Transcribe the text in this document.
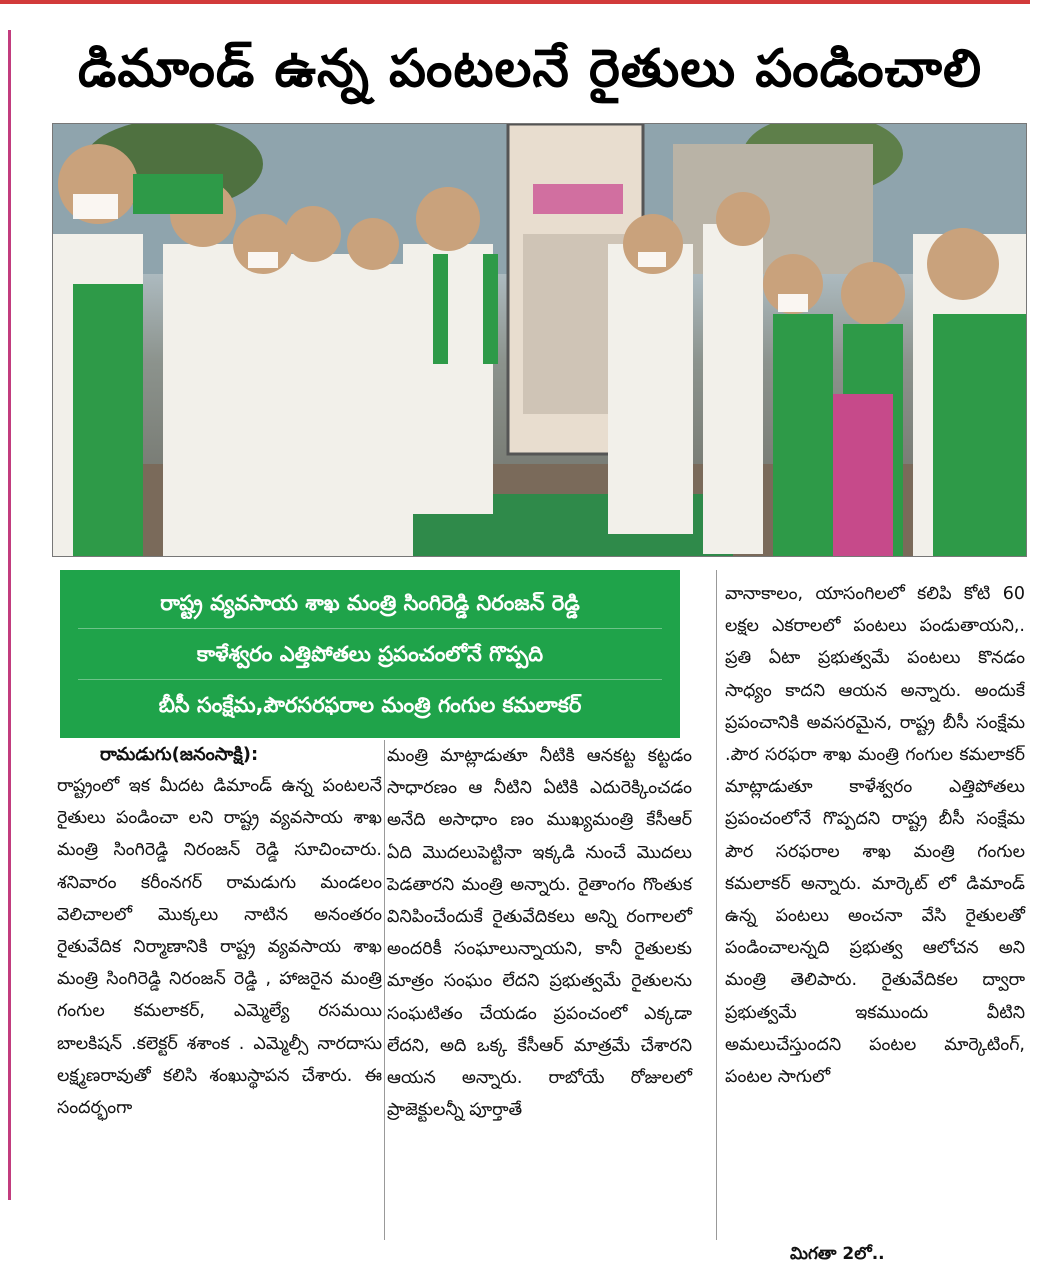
డిమాండ్‌ ఉన్న పంటలనే రైతులు పండించాలి
రాష్ట్ర వ్యవసాయ శాఖ మంత్రి సింగిరెడ్డి నిరంజన్‌ రెడ్డి
కాళేశ్వరం ఎత్తిపోతలు ప్రపంచంలోనే గొప్పది
బీసీ సంక్షేమ,పౌరసరఫరాల మంత్రి గంగుల కమలాకర్‌
రామడుగు(జనంసాక్షి):

రాష్ట్రంలో ఇక మీదట డిమాండ్‌ ఉన్న పంటలనే రైతులు పండించా లని రాష్ట్ర వ్యవసాయ శాఖ మంత్రి సింగిరెడ్డి నిరంజన్‌ రెడ్డి సూచించారు. శనివారం కరీంనగర్‌ రామడుగు మండలం వెలిచాలలో మొక్కలు నాటిన అనంతరం రైతువేదిక నిర్మాణానికి రాష్ట్ర వ్యవసాయ శాఖ మంత్రి సింగిరెడ్డి నిరంజన్‌ రెడ్డి , హాజరైన మంత్రి గంగుల కమలాకర్‌, ఎమ్మెల్యే రసమయి బాలకిషన్‌ .కలెక్టర్‌ శశాంక . ఎమ్మెల్సీ నారదాసు లక్ష్మణరావుతో కలిసి శంఖుస్థాపన చేశారు. ఈ సందర్భంగా

మంత్రి మాట్లాడుతూ నీటికి ఆనకట్ట కట్టడం సాధారణం ఆ నీటిని ఏటికి ఎదురెక్కించడం అనేది అసాధాం ణం ముఖ్యమంత్రి కేసీఆర్‌ ఏది మొదలుపెట్టినా ఇక్కడి నుంచే మొదలు పెడతారని మంత్రి అన్నారు. రైతాంగం గొంతుక వినిపించేందుకే రైతువేదికలు అన్ని రంగాలలో అందరికీ సంఘాలున్నాయని, కానీ రైతులకు మాత్రం సంఘం లేదని ప్రభుత్వమే రైతులను సంఘటితం చేయడం ప్రపంచంలో ఎక్కడా లేదని, అది ఒక్క కేసీఆర్‌ మాత్రమే చేశారని ఆయన అన్నారు. రాబోయే రోజులలో ప్రాజెక్టులన్నీ పూర్తాతే

వానాకాలం, యాసంగిలలో కలిపి కోటి 60 లక్షల ఎకరాలలో పంటలు పండుతాయని,. ప్రతి ఏటా ప్రభుత్వమే పంటలు కొనడం సాధ్యం కాదని ఆయన అన్నారు. అందుకే ప్రపంచానికి అవసరమైన, రాష్ట్ర బీసీ సంక్షేమ .పౌర సరఫరా శాఖ మంత్రి గంగుల కమలాకర్‌ మాట్లాడుతూ కాళేశ్వరం ఎత్తిపోతలు ప్రపంచంలోనే గొప్పదని రాష్ట్ర బీసీ సంక్షేమ పౌర సరఫరాల శాఖ మంత్రి గంగుల కమలాకర్‌ అన్నారు. మార్కెట్‌ లో డిమాండ్‌ ఉన్న పంటలు అంచనా వేసి రైతులతో పండించాలన్నది ప్రభుత్వ ఆలోచన అని మంత్రి తెలిపారు. రైతువేదికల ద్వారా ప్రభుత్వమే ఇకముందు వీటిని అమలుచేస్తుందని పంటల మార్కెటింగ్‌, పంటల సాగులో

మిగతా 2లో..
